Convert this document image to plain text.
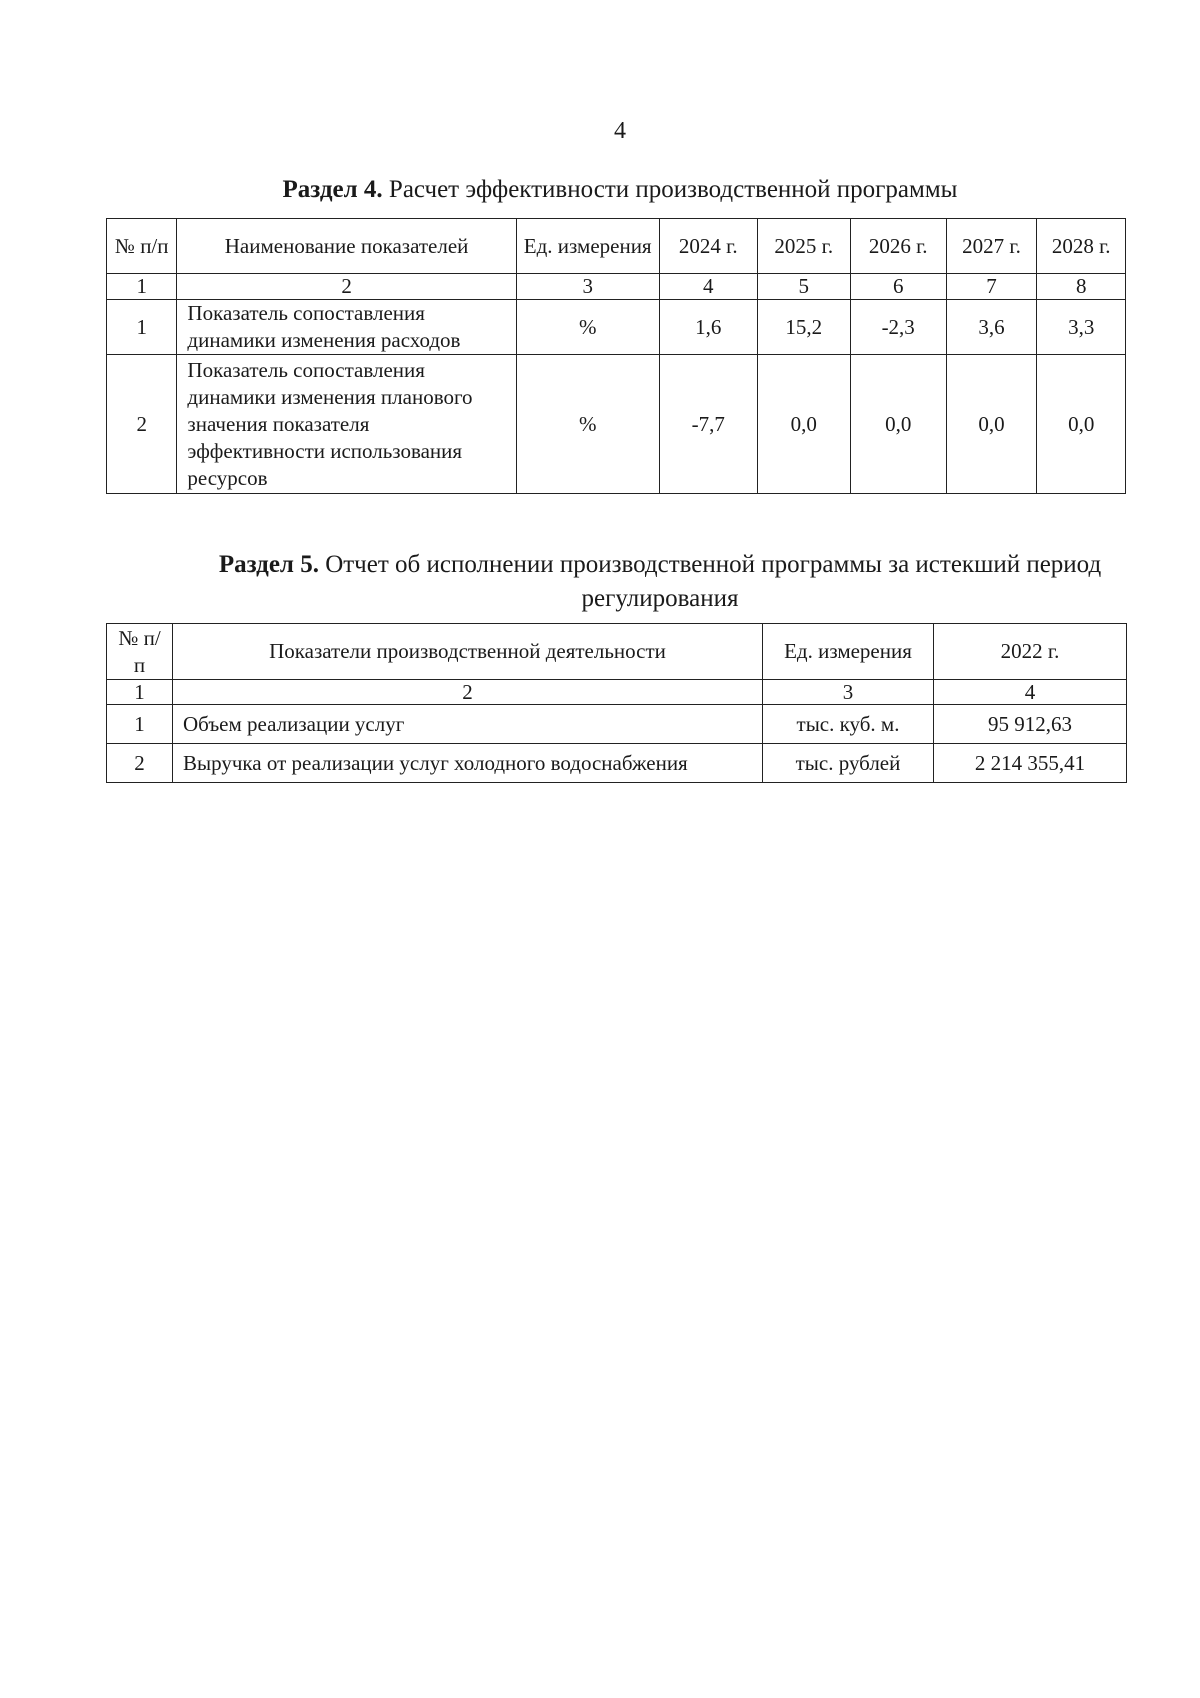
4
Раздел 4. Расчет эффективности производственной программы
№ п/п	Наименование показателей	Ед. измерения	2024 г.	2025 г.	2026 г.	2027 г.	2028 г.
1	2	3	4	5	6	7	8
1	Показатель сопоставления динамики изменения расходов	%	1,6	15,2	-2,3	3,6	3,3
2	Показатель сопоставления динамики изменения планового значения показателя эффективности использования ресурсов	%	-7,7	0,0	0,0	0,0	0,0
Раздел 5. Отчет об исполнении производственной программы за истекший период регулирования
№ п/п	Показатели производственной деятельности	Ед. измерения	2022 г.
1	2	3	4
1	Объем реализации услуг	тыс. куб. м.	95 912,63
2	Выручка от реализации услуг холодного водоснабжения	тыс. рублей	2 214 355,41
